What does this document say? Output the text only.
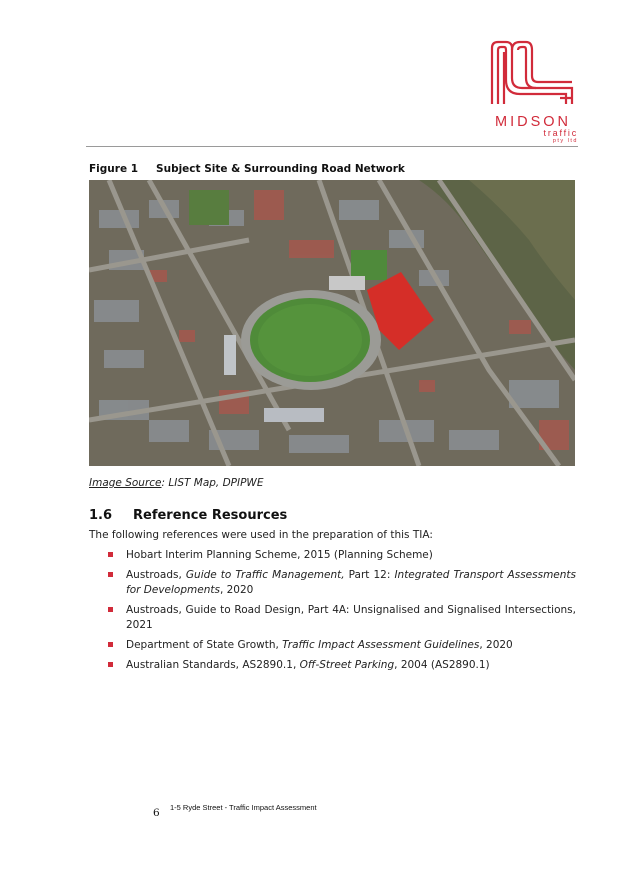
MIDSON
traffic
pty ltd
Figure 1 Subject Site & Surrounding Road Network
Image Source: LIST Map, DPIPWE
1.6 Reference Resources
The following references were used in the preparation of this TIA:
Hobart Interim Planning Scheme, 2015 (Planning Scheme)
Austroads, Guide to Traffic Management, Part 12: Integrated Transport Assessments for Developments, 2020
Austroads, Guide to Road Design, Part 4A: Unsignalised and Signalised Intersections, 2021
Department of State Growth, Traffic Impact Assessment Guidelines, 2020
Australian Standards, AS2890.1, Off-Street Parking, 2004 (AS2890.1)
6 1-5 Ryde Street - Traffic Impact Assessment
